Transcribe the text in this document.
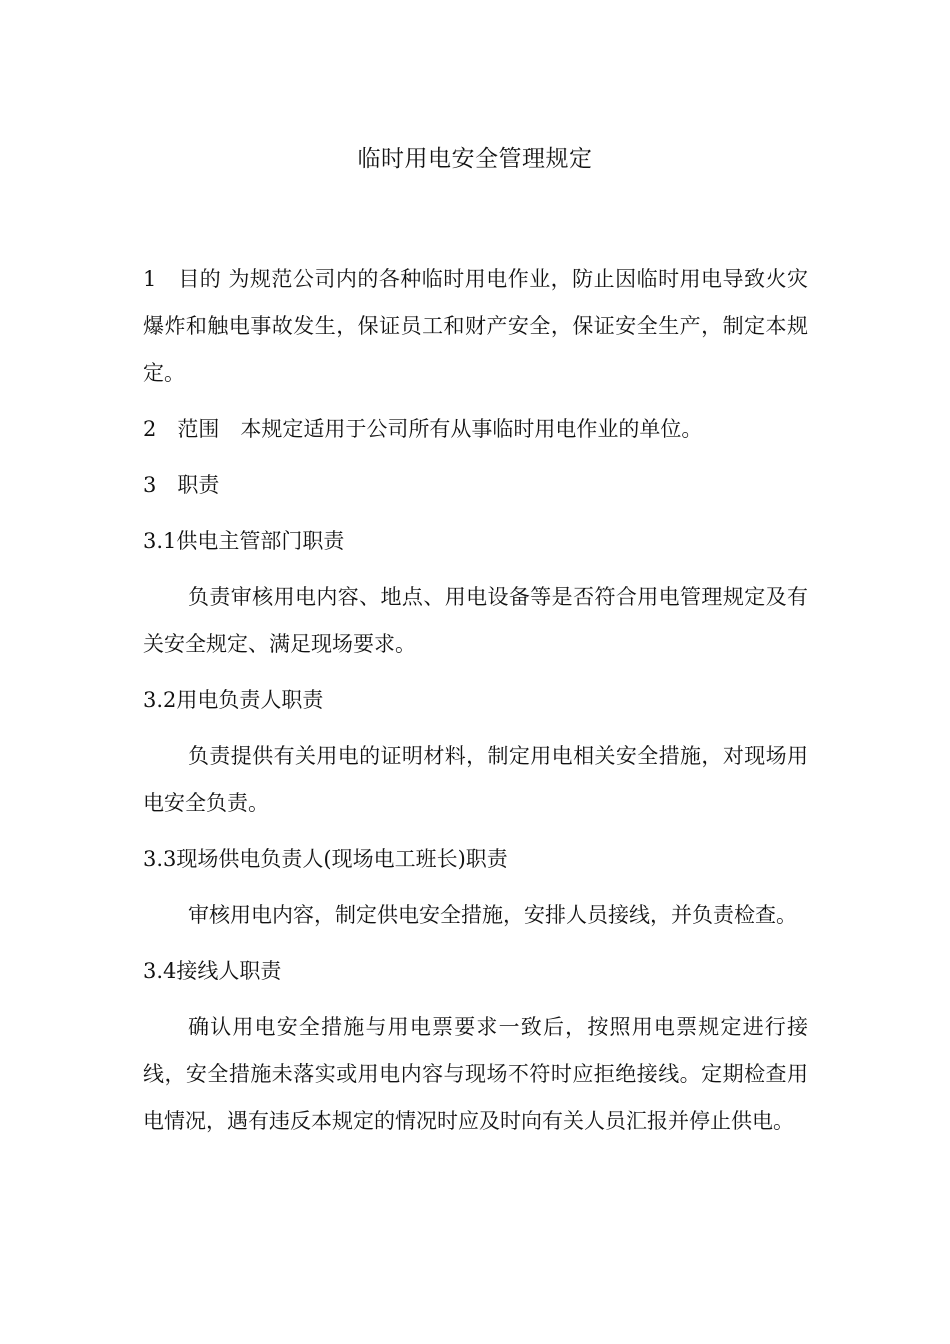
临时用电安全管理规定

1　目的 为规范公司内的各种临时用电作业，防止因临时用电导致火灾爆炸和触电事故发生，保证员工和财产安全，保证安全生产，制定本规定。

2　范围　本规定适用于公司所有从事临时用电作业的单位。

3　职责

3.1供电主管部门职责

负责审核用电内容、地点、用电设备等是否符合用电管理规定及有关安全规定、满足现场要求。

3.2用电负责人职责

负责提供有关用电的证明材料，制定用电相关安全措施，对现场用电安全负责。

3.3现场供电负责人(现场电工班长)职责

审核用电内容，制定供电安全措施，安排人员接线，并负责检查。

3.4接线人职责

确认用电安全措施与用电票要求一致后，按照用电票规定进行接线，安全措施未落实或用电内容与现场不符时应拒绝接线。定期检查用电情况，遇有违反本规定的情况时应及时向有关人员汇报并停止供电。
